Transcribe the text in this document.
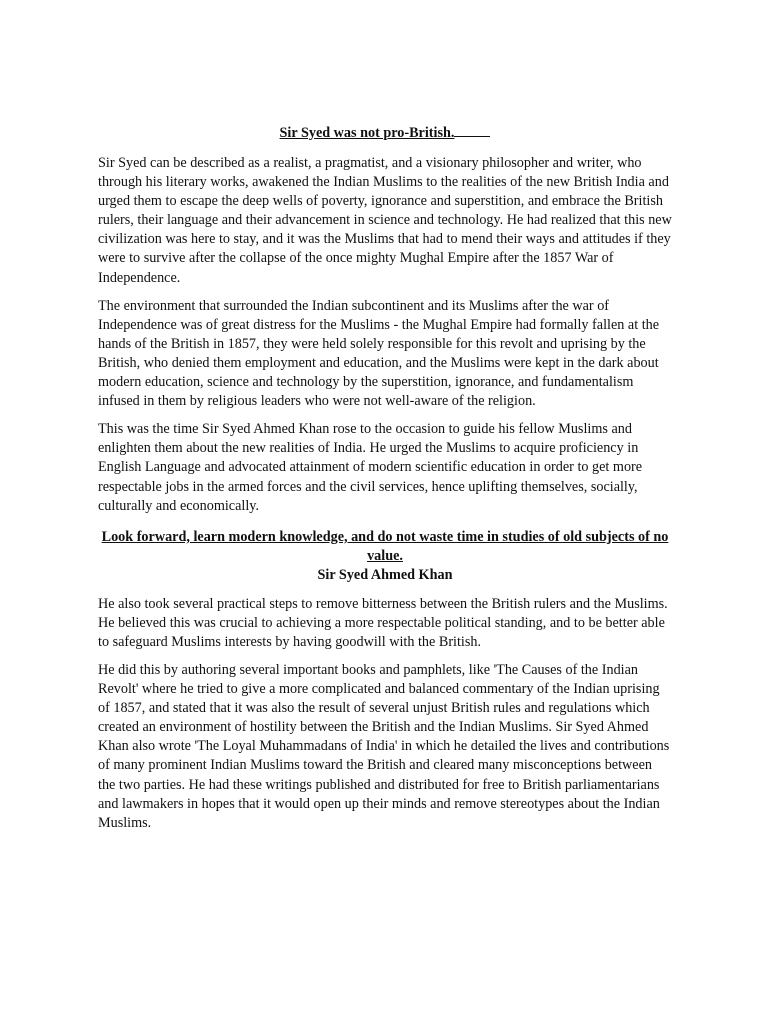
Sir Syed was not pro-British.

Sir Syed can be described as a realist, a pragmatist, and a visionary philosopher and writer, who through his literary works, awakened the Indian Muslims to the realities of the new British India and urged them to escape the deep wells of poverty, ignorance and superstition, and embrace the British rulers, their language and their advancement in science and technology. He had realized that this new civilization was here to stay, and it was the Muslims that had to mend their ways and attitudes if they were to survive after the collapse of the once mighty Mughal Empire after the 1857 War of Independence.

The environment that surrounded the Indian subcontinent and its Muslims after the war of Independence was of great distress for the Muslims - the Mughal Empire had formally fallen at the hands of the British in 1857, they were held solely responsible for this revolt and uprising by the British, who denied them employment and education, and the Muslims were kept in the dark about modern education, science and technology by the superstition, ignorance, and fundamentalism infused in them by religious leaders who were not well-aware of the religion.

This was the time Sir Syed Ahmed Khan rose to the occasion to guide his fellow Muslims and enlighten them about the new realities of India. He urged the Muslims to acquire proficiency in English Language and advocated attainment of modern scientific education in order to get more respectable jobs in the armed forces and the civil services, hence uplifting themselves, socially, culturally and economically.

Look forward, learn modern knowledge, and do not waste time in studies of old subjects of no value.
Sir Syed Ahmed Khan

He also took several practical steps to remove bitterness between the British rulers and the Muslims. He believed this was crucial to achieving a more respectable political standing, and to be better able to safeguard Muslims interests by having goodwill with the British.

He did this by authoring several important books and pamphlets, like 'The Causes of the Indian Revolt' where he tried to give a more complicated and balanced commentary of the Indian uprising of 1857, and stated that it was also the result of several unjust British rules and regulations which created an environment of hostility between the British and the Indian Muslims. Sir Syed Ahmed Khan also wrote 'The Loyal Muhammadans of India' in which he detailed the lives and contributions of many prominent Indian Muslims toward the British and cleared many misconceptions between the two parties. He had these writings published and distributed for free to British parliamentarians and lawmakers in hopes that it would open up their minds and remove stereotypes about the Indian Muslims.
